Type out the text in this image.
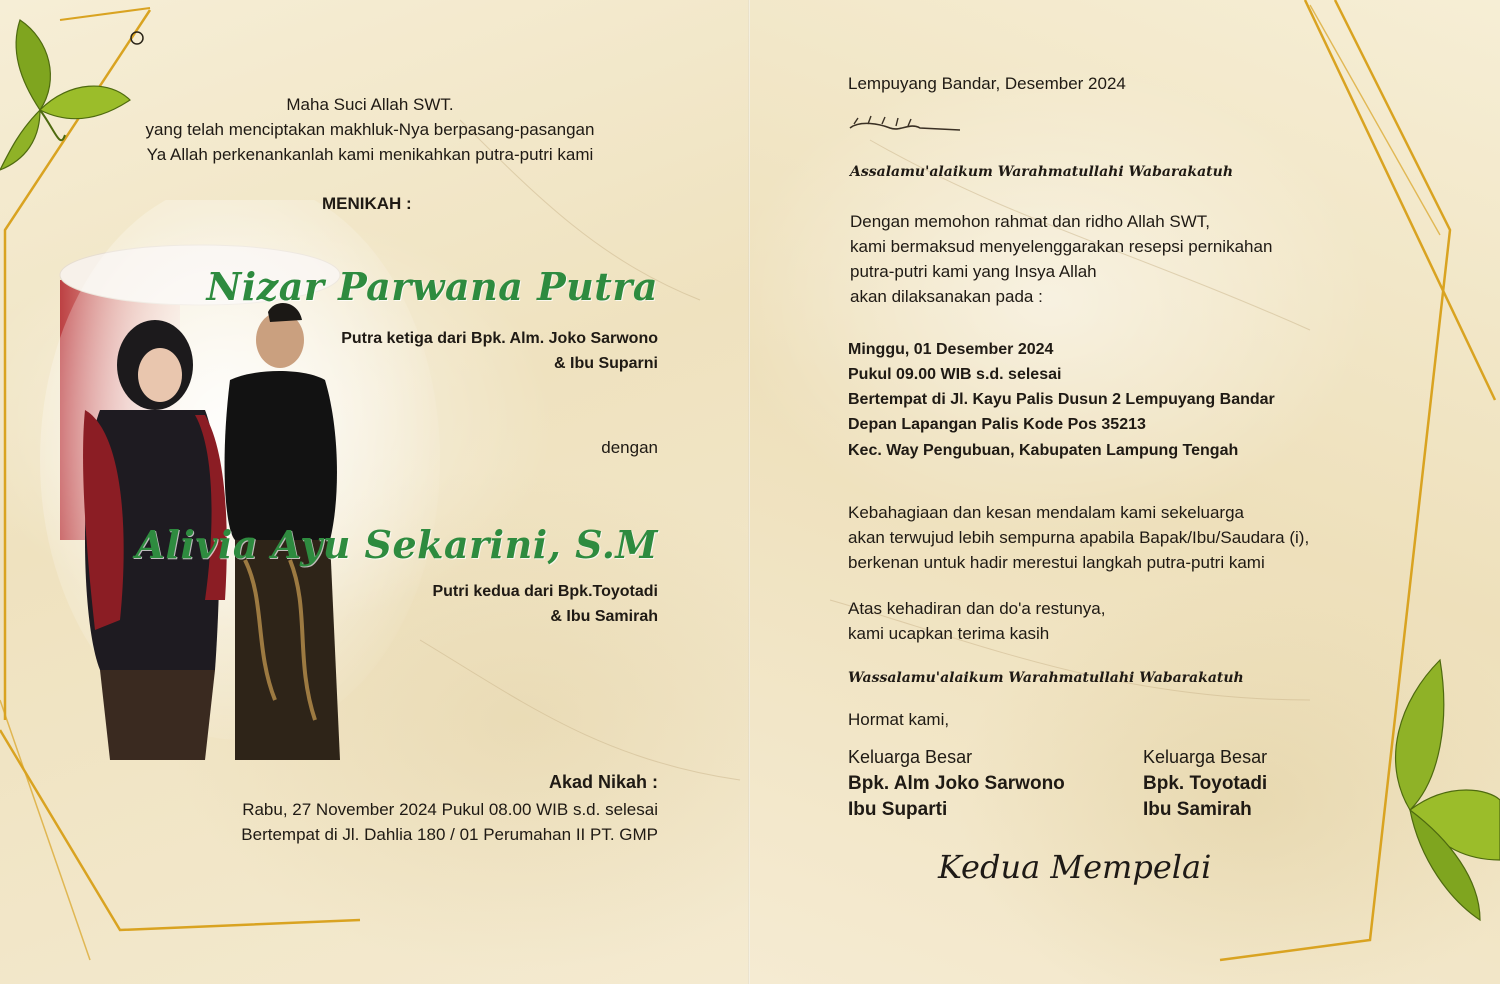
Maha Suci Allah SWT.
yang telah menciptakan makhluk-Nya berpasang-pasangan
Ya Allah perkenankanlah kami menikahkan putra-putri kami
MENIKAH :
Nizar Parwana Putra
Putra ketiga dari Bpk. Alm. Joko Sarwono
& Ibu Suparni
dengan
Alivia Ayu Sekarini, S.M
Putri kedua dari Bpk.Toyotadi
& Ibu Samirah
Akad Nikah :
Rabu, 27 November 2024 Pukul 08.00 WIB s.d. selesai
Bertempat di Jl. Dahlia 180 / 01 Perumahan II PT. GMP
Lempuyang Bandar, Desember 2024
Assalamu'alaikum Warahmatullahi Wabarakatuh
Dengan memohon rahmat dan ridho Allah SWT,
kami bermaksud menyelenggarakan resepsi pernikahan
putra-putri kami yang Insya Allah
akan dilaksanakan pada :
Minggu, 01 Desember 2024
Pukul 09.00 WIB s.d. selesai
Bertempat di Jl. Kayu Palis Dusun 2 Lempuyang Bandar
Depan Lapangan Palis Kode Pos 35213
Kec. Way Pengubuan, Kabupaten Lampung Tengah
Kebahagiaan dan kesan mendalam kami sekeluarga
akan terwujud lebih sempurna apabila Bapak/Ibu/Saudara (i),
berkenan untuk hadir merestui langkah putra-putri kami
Atas kehadiran dan do'a restunya,
kami ucapkan terima kasih
Wassalamu'alaikum Warahmatullahi Wabarakatuh
Hormat kami,
Keluarga Besar
Bpk. Alm Joko Sarwono
Ibu Suparti
Keluarga Besar
Bpk. Toyotadi
Ibu Samirah
Kedua Mempelai
